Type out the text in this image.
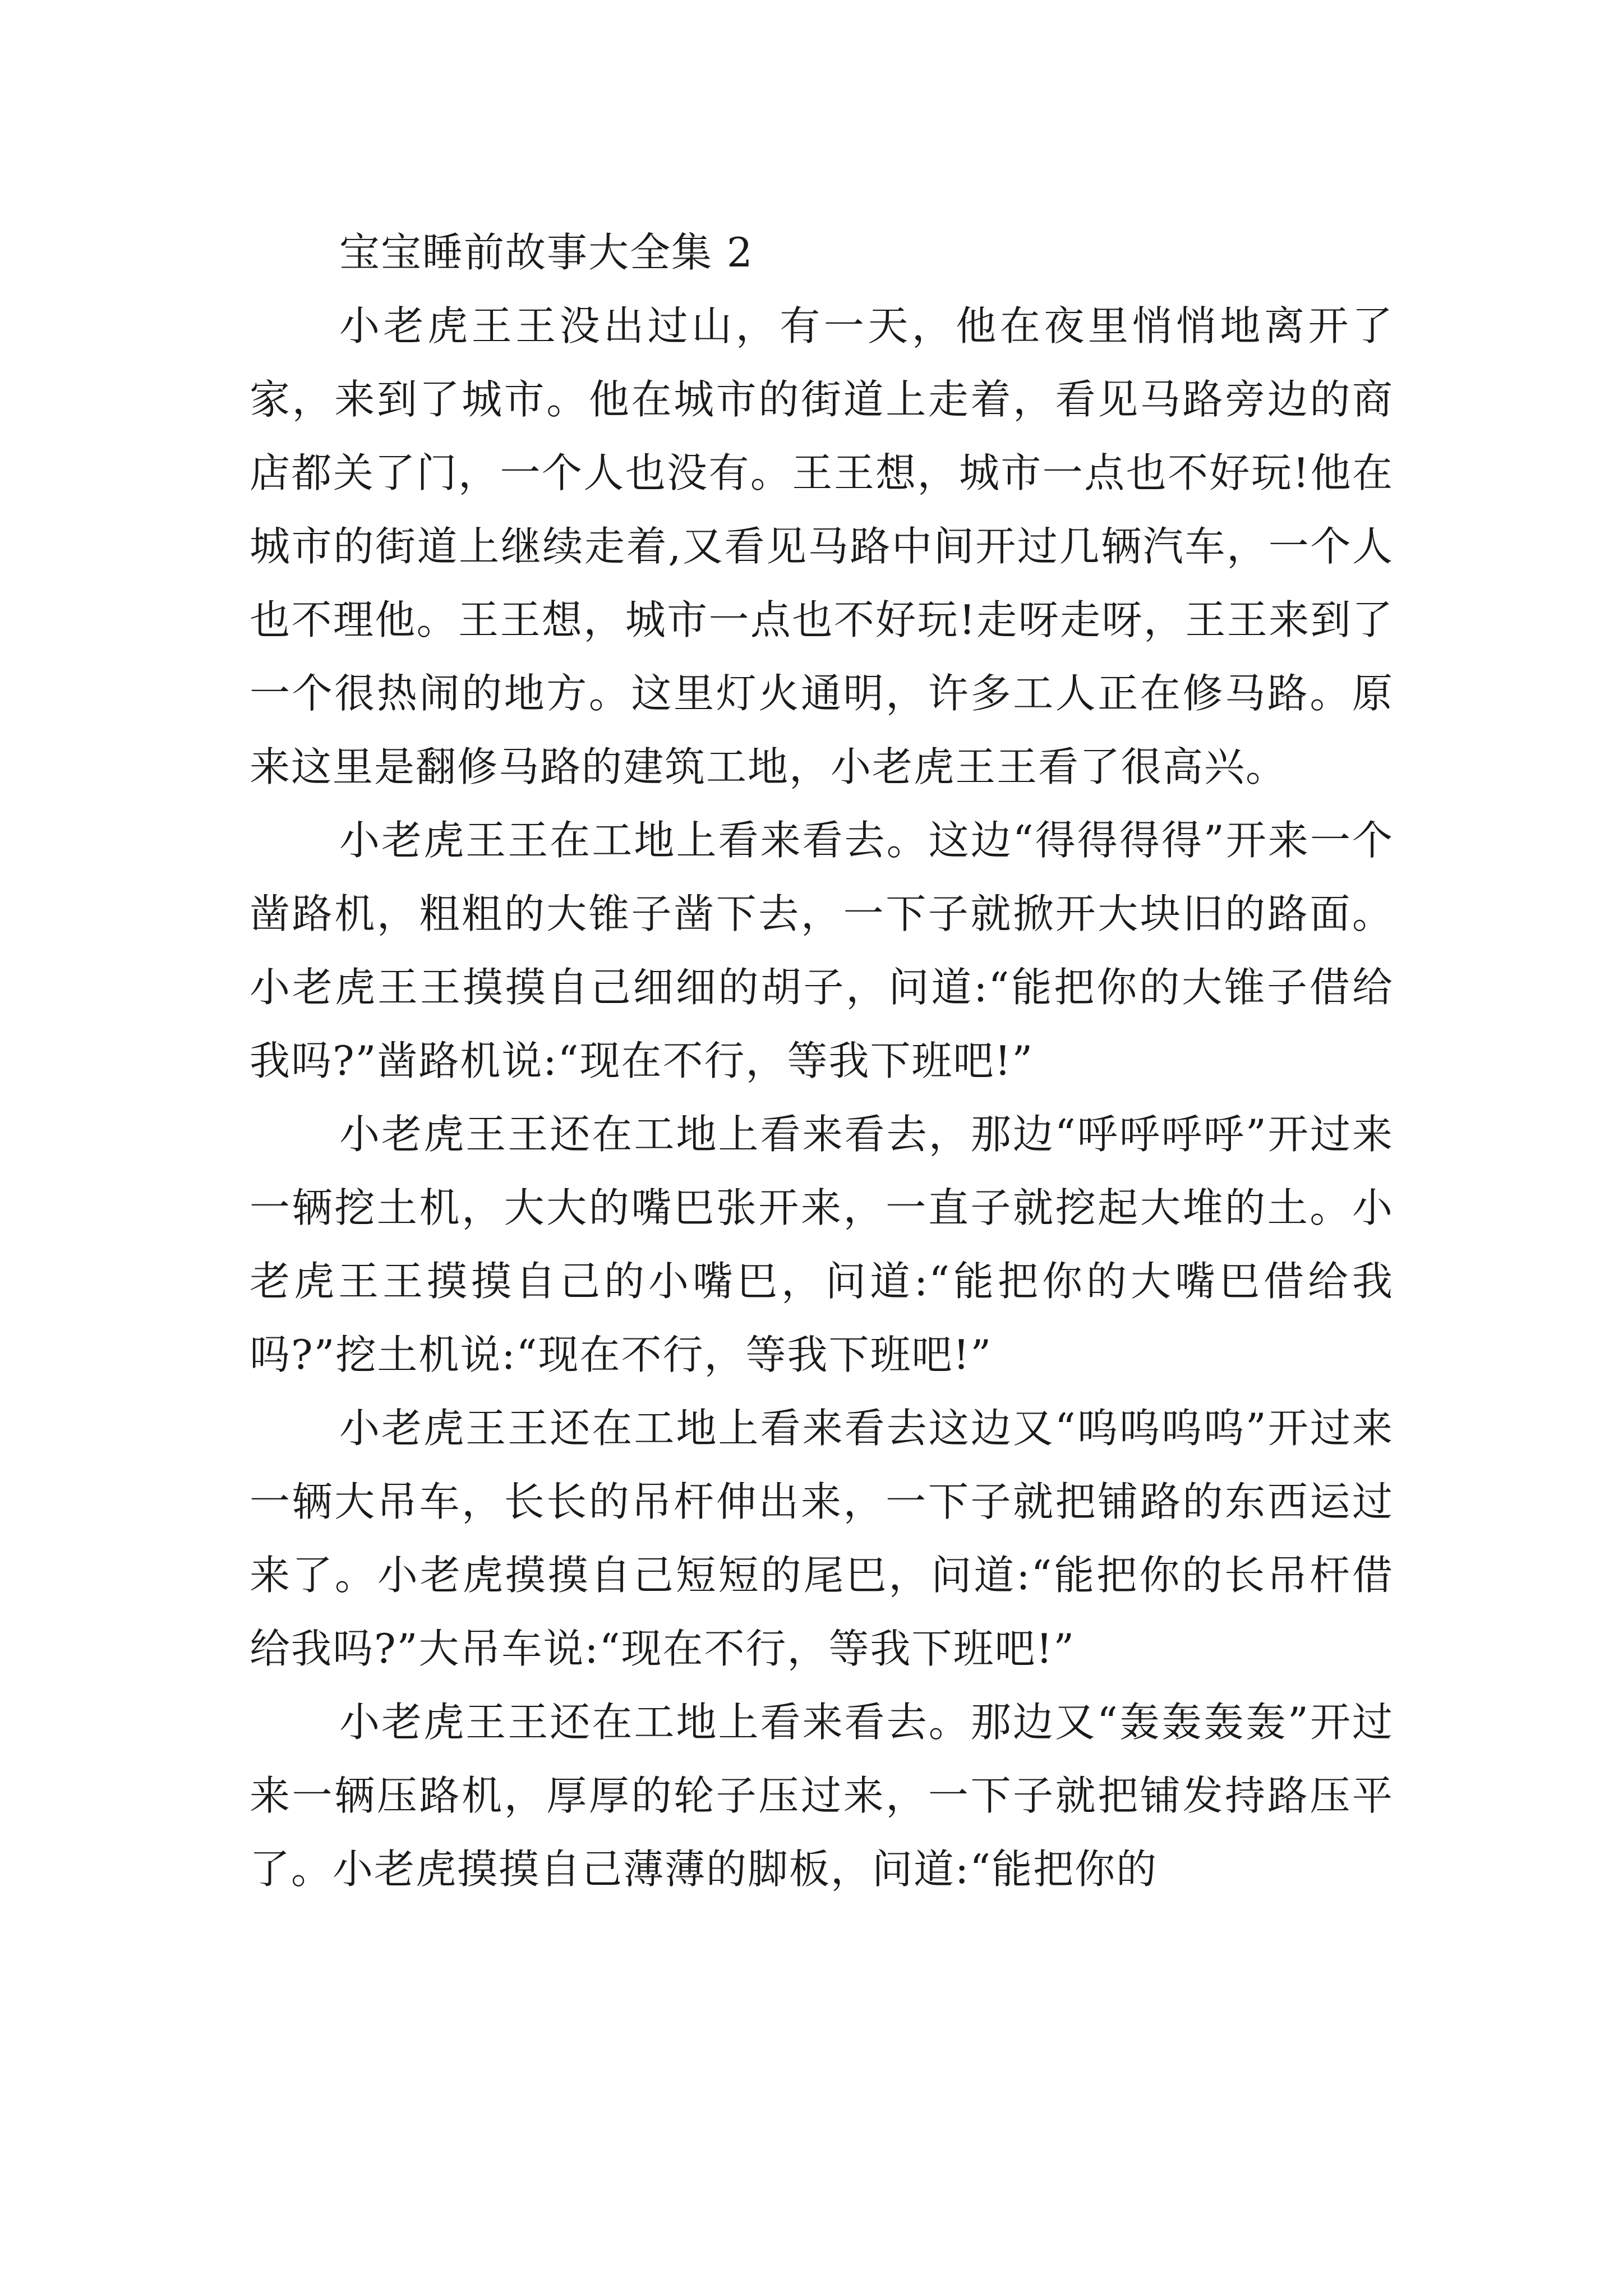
宝宝睡前故事大全集 2

小老虎王王没出过山，有一天，他在夜里悄悄地离开了家，来到了城市。他在城市的街道上走着，看见马路旁边的商店都关了门，一个人也没有。王王想，城市一点也不好玩!他在城市的街道上继续走着,又看见马路中间开过几辆汽车，一个人也不理他。王王想，城市一点也不好玩!走呀走呀，王王来到了一个很热闹的地方。这里灯火通明，许多工人正在修马路。原来这里是翻修马路的建筑工地，小老虎王王看了很高兴。

小老虎王王在工地上看来看去。这边“得得得得”开来一个凿路机，粗粗的大锥子凿下去，一下子就掀开大块旧的路面。小老虎王王摸摸自己细细的胡子，问道:“能把你的大锥子借给我吗?”凿路机说:“现在不行，等我下班吧!”

小老虎王王还在工地上看来看去，那边“呼呼呼呼”开过来一辆挖土机，大大的嘴巴张开来，一直子就挖起大堆的土。小老虎王王摸摸自己的小嘴巴，问道:“能把你的大嘴巴借给我吗?”挖土机说:“现在不行，等我下班吧!”

小老虎王王还在工地上看来看去这边又“呜呜呜呜”开过来一辆大吊车，长长的吊杆伸出来，一下子就把铺路的东西运过来了。小老虎摸摸自己短短的尾巴，问道:“能把你的长吊杆借给我吗?”大吊车说:“现在不行，等我下班吧!”

小老虎王王还在工地上看来看去。那边又“轰轰轰轰”开过来一辆压路机，厚厚的轮子压过来，一下子就把铺发持路压平了。小老虎摸摸自己薄薄的脚板，问道:“能把你的
